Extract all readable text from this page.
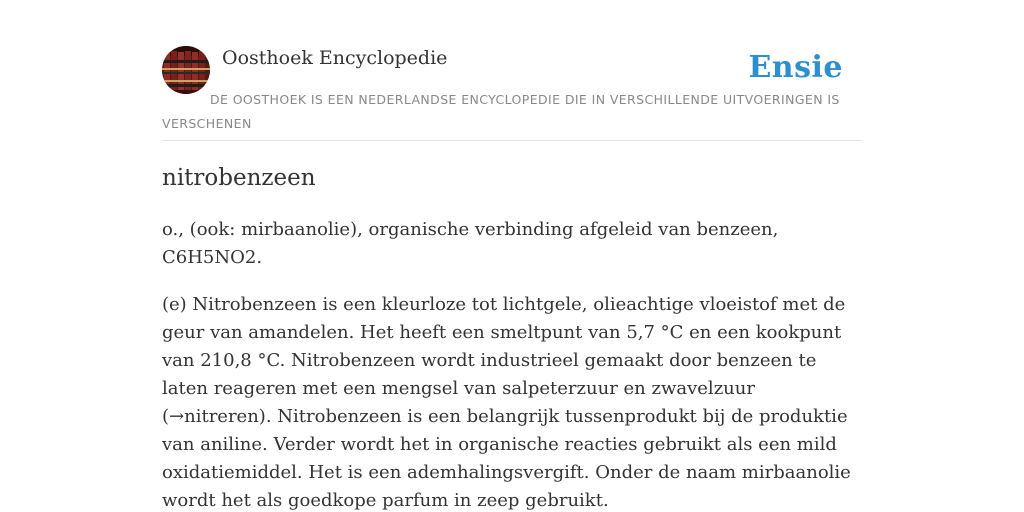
Oosthoek Encyclopedie	Ensie
DE OOSTHOEK IS EEN NEDERLANDSE ENCYCLOPEDIE DIE IN VERSCHILLENDE UITVOERINGEN IS VERSCHENEN
nitrobenzeen

o., (ook: mirbaanolie), organische verbinding afgeleid van benzeen, C6H5NO2.

(e) Nitrobenzeen is een kleurloze tot lichtgele, olieachtige vloeistof met de geur van amandelen. Het heeft een smeltpunt van 5,7 °C en een kookpunt van 210,8 °C. Nitrobenzeen wordt industrieel gemaakt door benzeen te laten reageren met een mengsel van salpeterzuur en zwavelzuur (→nitreren). Nitrobenzeen is een belangrijk tussenprodukt bij de produktie van aniline. Verder wordt het in organische reacties gebruikt als een mild oxidatiemiddel. Het is een ademhalingsvergift. Onder de naam mirbaanolie wordt het als goedkope parfum in zeep gebruikt.
